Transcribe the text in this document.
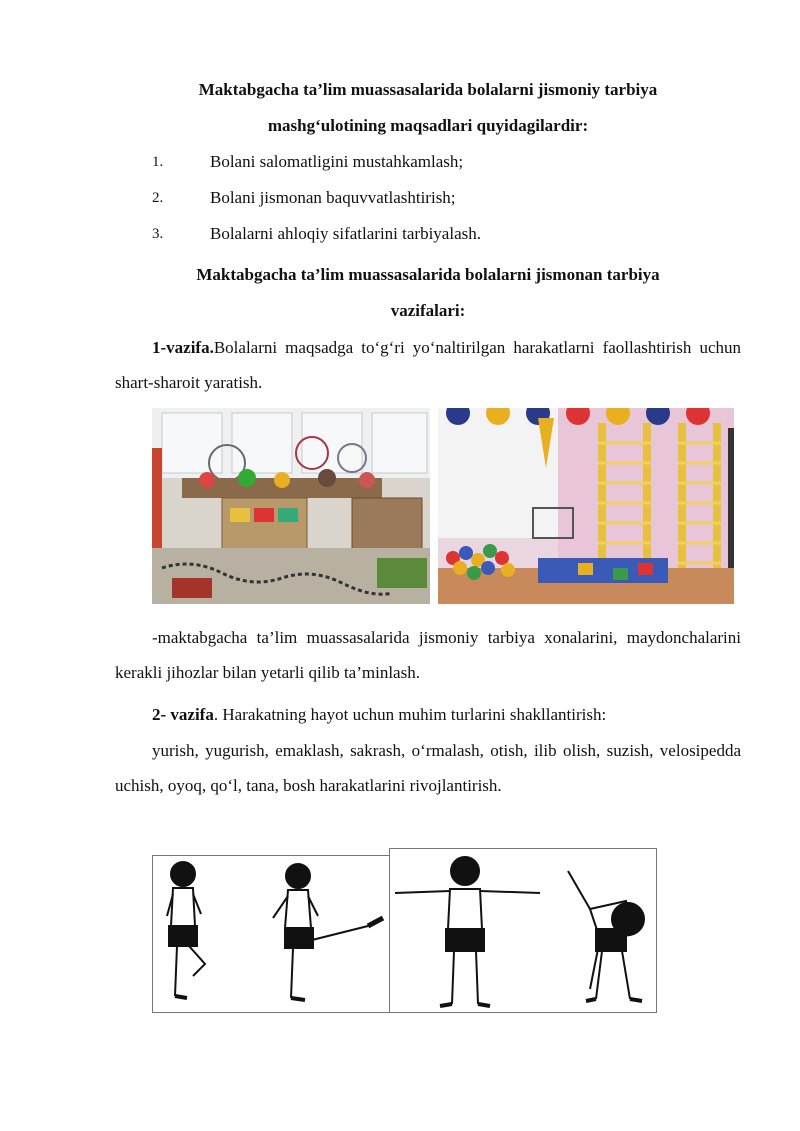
Maktabgacha ta’lim muassasalarida bolalarni jismoniy tarbiya
mashg‘ulotining maqsadlari quyidagilardir:

1.	Bolani salomatligini mustahkamlash;
2.	Bolani jismonan baquvvatlashtirish;
3.	Bolalarni ahloqiy sifatlarini tarbiyalash.

Maktabgacha ta’lim muassasalarida bolalarni jismonan tarbiya
vazifalari:

1-vazifa.Bolalarni maqsadga to‘g‘ri yo‘naltirilgan harakatlarni faollashtirish uchun shart-sharoit yaratish.

-maktabgacha ta’lim muassasalarida jismoniy tarbiya xonalarini, maydonchalarini kerakli jihozlar bilan yetarli qilib ta’minlash.

2- vazifa. Harakatning hayot uchun muhim turlarini shakllantirish:

yurish, yugurish, emaklash, sakrash, o‘rmalash, otish, ilib olish, suzish, velosipedda uchish, oyoq, qo‘l, tana, bosh harakatlarini rivojlantirish.
